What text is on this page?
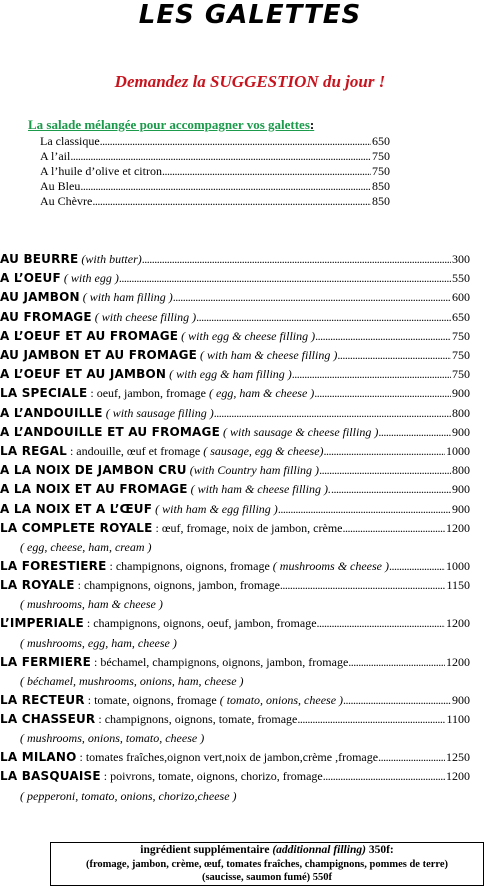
LES GALETTES
Demandez la SUGGESTION du jour !
La salade mélangée pour accompagner vos galettes:
La classique .....	650
A l’ail .....	750
A l’huile d’olive et citron .....	750
Au Bleu .....	850
Au Chèvre .....	850
AU BEURRE (with butter) .....	300
A L’OEUF ( with egg ) .....	550
AU JAMBON ( with ham filling ) .....	600
AU FROMAGE ( with cheese filling ) .....	650
A L’OEUF ET AU FROMAGE ( with egg & cheese filling ) .....	750
AU JAMBON ET AU FROMAGE ( with ham & cheese filling ) .....	750
A L’OEUF ET AU JAMBON ( with egg & ham filling ) .....	750
LA SPECIALE : oeuf, jambon, fromage ( egg, ham & cheese ) .....	900
A L’ANDOUILLE ( with sausage filling ) .....	800
A L’ANDOUILLE ET AU FROMAGE ( with sausage & cheese filling ) .....	900
LA REGAL : andouille, œuf et fromage ( sausage, egg & cheese) .....	1000
A LA NOIX DE JAMBON CRU (with Country ham filling ) .....	800
A LA NOIX ET AU FROMAGE ( with ham & cheese filling ). .....	900
A LA NOIX ET A L’ŒUF ( with ham & egg filling ) .....	900
LA COMPLETE ROYALE : œuf, fromage, noix de jambon, crème .....	1200
( egg, cheese, ham, cream )
LA FORESTIERE : champignons, oignons, fromage ( mushrooms & cheese ) .....	1000
LA ROYALE : champignons, oignons, jambon, fromage .....	1150
( mushrooms, ham & cheese )
L’IMPERIALE : champignons, oignons, oeuf, jambon, fromage .....	1200
( mushrooms, egg, ham, cheese )
LA FERMIERE : béchamel, champignons, oignons, jambon, fromage .....	1200
( béchamel, mushrooms, onions, ham, cheese )
LA RECTEUR : tomate, oignons, fromage ( tomato, onions, cheese ) .....	900
LA CHASSEUR : champignons, oignons, tomate, fromage .....	1100
( mushrooms, onions, tomato, cheese )
LA MILANO : tomates fraîches,oignon vert,noix de jambon,crème ,fromage .....	1250
LA BASQUAISE : poivrons, tomate, oignons, chorizo, fromage .....	1200
( pepperoni, tomato, onions, chorizo,cheese )
ingrédient supplémentaire (additionnal filling) 350f:
(fromage, jambon, crème, œuf, tomates fraîches, champignons, pommes de terre)
(saucisse, saumon fumé) 550f
